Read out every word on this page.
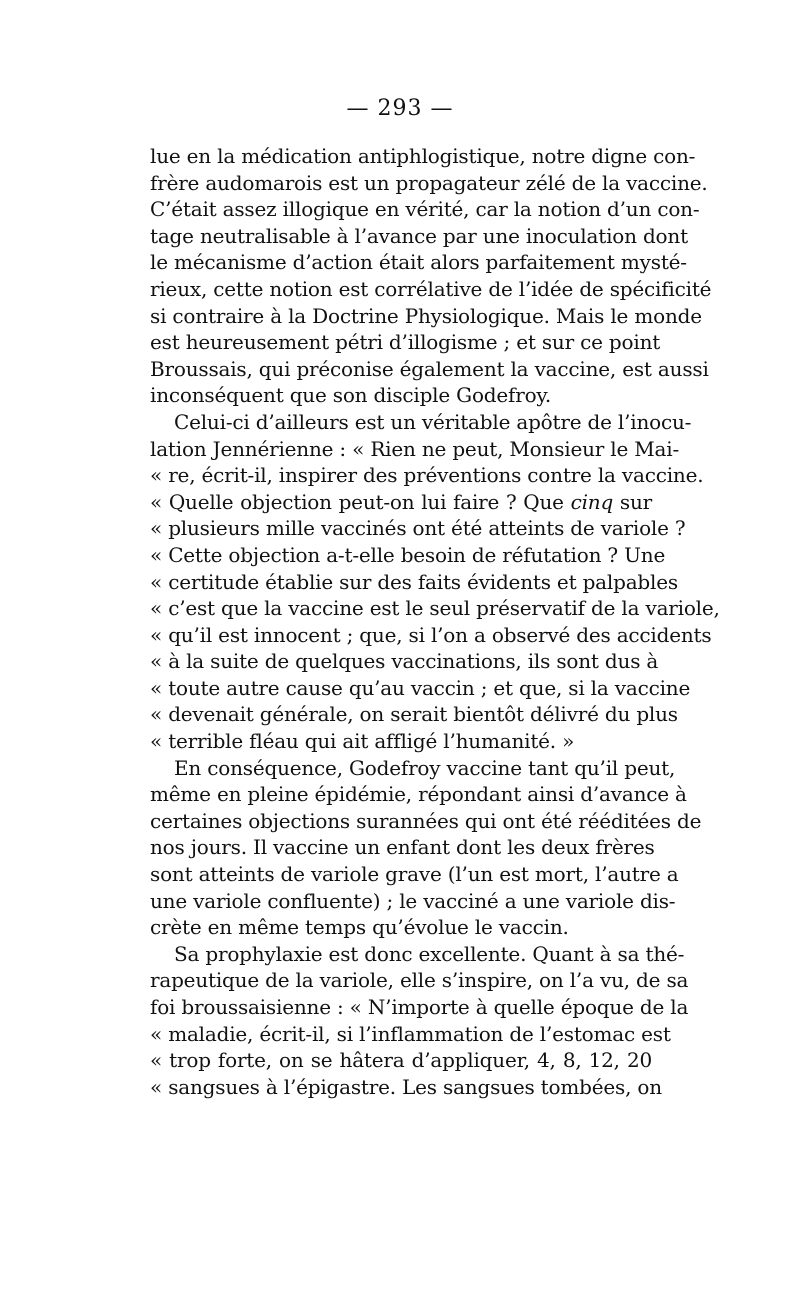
— 293 —
lue en la médication antiphlogistique, notre digne con-
frère audomarois est un propagateur zélé de la vaccine.
C’était assez illogique en vérité, car la notion d’un con-
tage neutralisable à l’avance par une inoculation dont
le mécanisme d’action était alors parfaitement mysté-
rieux, cette notion est corrélative de l’idée de spécificité
si contraire à la Doctrine Physiologique. Mais le monde
est heureusement pétri d’illogisme ; et sur ce point
Broussais, qui préconise également la vaccine, est aussi
inconséquent que son disciple Godefroy.
Celui-ci d’ailleurs est un véritable apôtre de l’inocu-
lation Jennérienne : « Rien ne peut, Monsieur le Mai-
« re, écrit-il, inspirer des préventions contre la vaccine.
« Quelle objection peut-on lui faire ? Que cinq sur
« plusieurs mille vaccinés ont été atteints de variole ?
« Cette objection a-t-elle besoin de réfutation ? Une
« certitude établie sur des faits évidents et palpables
« c’est que la vaccine est le seul préservatif de la variole,
« qu’il est innocent ; que, si l’on a observé des accidents
« à la suite de quelques vaccinations, ils sont dus à
« toute autre cause qu’au vaccin ; et que, si la vaccine
« devenait générale, on serait bientôt délivré du plus
« terrible fléau qui ait affligé l’humanité. »
En conséquence, Godefroy vaccine tant qu’il peut,
même en pleine épidémie, répondant ainsi d’avance à
certaines objections surannées qui ont été rééditées de
nos jours. Il vaccine un enfant dont les deux frères
sont atteints de variole grave (l’un est mort, l’autre a
une variole confluente) ; le vacciné a une variole dis-
crète en même temps qu’évolue le vaccin.
Sa prophylaxie est donc excellente. Quant à sa thé-
rapeutique de la variole, elle s’inspire, on l’a vu, de sa
foi broussaisienne : « N’importe à quelle époque de la
« maladie, écrit-il, si l’inflammation de l’estomac est
« trop forte, on se hâtera d’appliquer, 4, 8, 12, 20
« sangsues à l’épigastre. Les sangsues tombées, on
